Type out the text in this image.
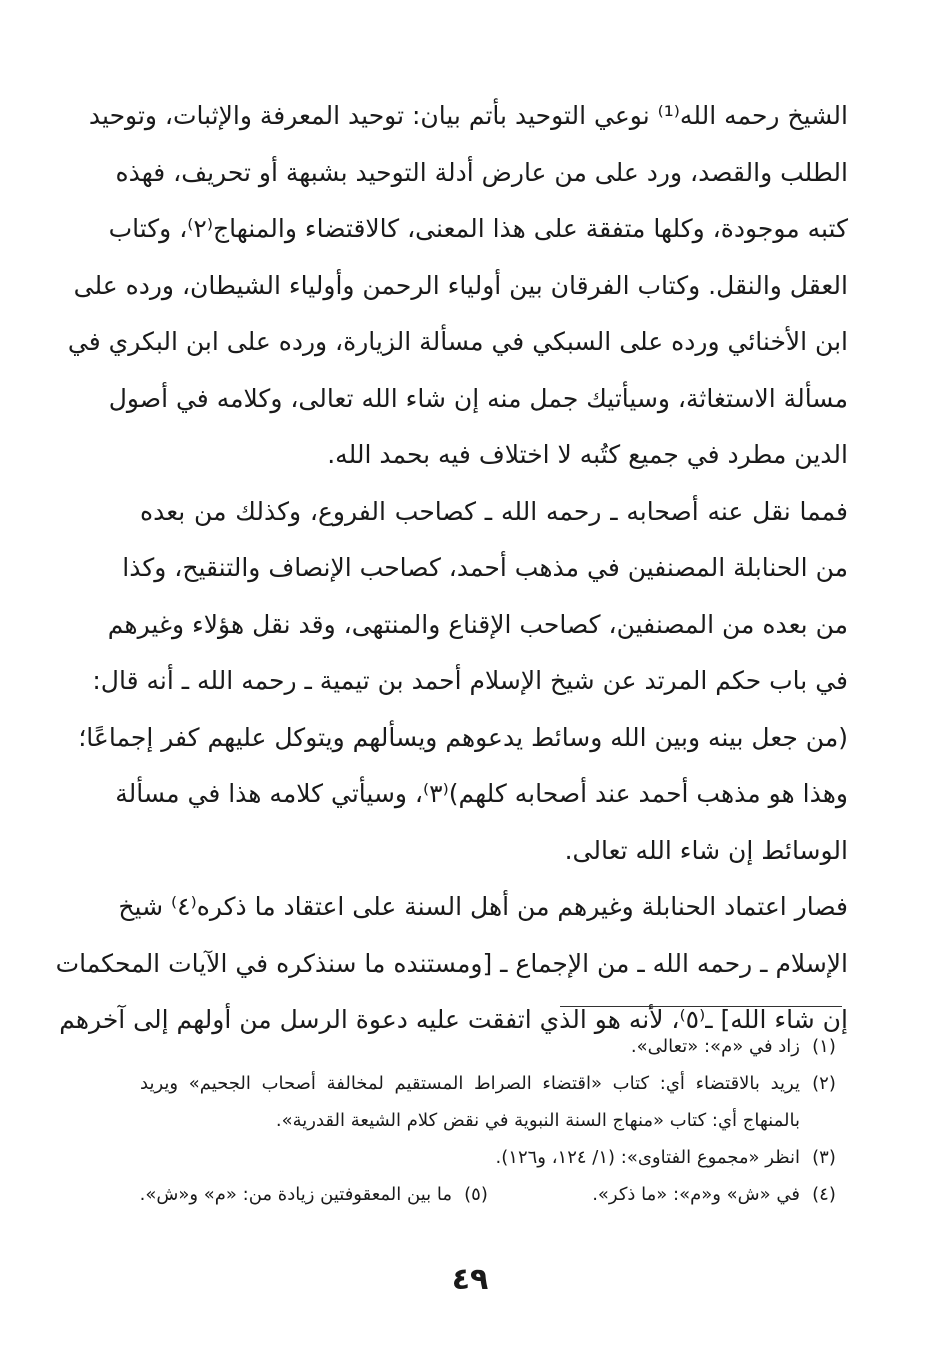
الشيخ رحمه الله⁽¹⁾ نوعي التوحيد بأتم بيان: توحيد المعرفة والإثبات، وتوحيد
الطلب والقصد، ورد على من عارض أدلة التوحيد بشبهة أو تحريف، فهذه
كتبه موجودة، وكلها متفقة على هذا المعنى، كالاقتضاء والمنهاج⁽٢⁾، وكتاب
العقل والنقل. وكتاب الفرقان بين أولياء الرحمن وأولياء الشيطان، ورده على
ابن الأخنائي ورده على السبكي في مسألة الزيارة، ورده على ابن البكري في
مسألة الاستغاثة، وسيأتيك جمل منه إن شاء الله تعالى، وكلامه في أصول
الدين مطرد في جميع كتُبه لا اختلاف فيه بحمد الله.
فمما نقل عنه أصحابه ـ رحمه الله ـ كصاحب الفروع، وكذلك من بعده
من الحنابلة المصنفين في مذهب أحمد، كصاحب الإنصاف والتنقيح، وكذا
من بعده من المصنفين، كصاحب الإقناع والمنتهى، وقد نقل هؤلاء وغيرهم
في باب حكم المرتد عن شيخ الإسلام أحمد بن تيمية ـ رحمه الله ـ أنه قال:
(من جعل بينه وبين الله وسائط يدعوهم ويسألهم ويتوكل عليهم كفر إجماعًا؛
وهذا هو مذهب أحمد عند أصحابه كلهم)⁽٣⁾، وسيأتي كلامه هذا في مسألة
الوسائط إن شاء الله تعالى.
فصار اعتماد الحنابلة وغيرهم من أهل السنة على اعتقاد ما ذكره⁽٤⁾ شيخ
الإسلام ـ رحمه الله ـ من الإجماع ـ [ومستنده ما سنذكره في الآيات المحكمات
إن شاء الله] ـ⁽٥⁾، لأنه هو الذي اتفقت عليه دعوة الرسل من أولهم إلى آخرهم
(١)
زاد في «م»: «تعالى».
(٢)
يريد بالاقتضاء أي: كتاب «اقتضاء الصراط المستقيم لمخالفة أصحاب الجحيم» ويريد
بالمنهاج أي: كتاب «منهاج السنة النبوية في نقض كلام الشيعة القدرية».
(٣)
انظر «مجموع الفتاوى»: (١/ ١٢٤، و١٢٦).
(٤)
في «ش» و«م»: «ما ذكر».
(٥)
ما بين المعقوفتين زيادة من: «م» و«ش».
٤٩
